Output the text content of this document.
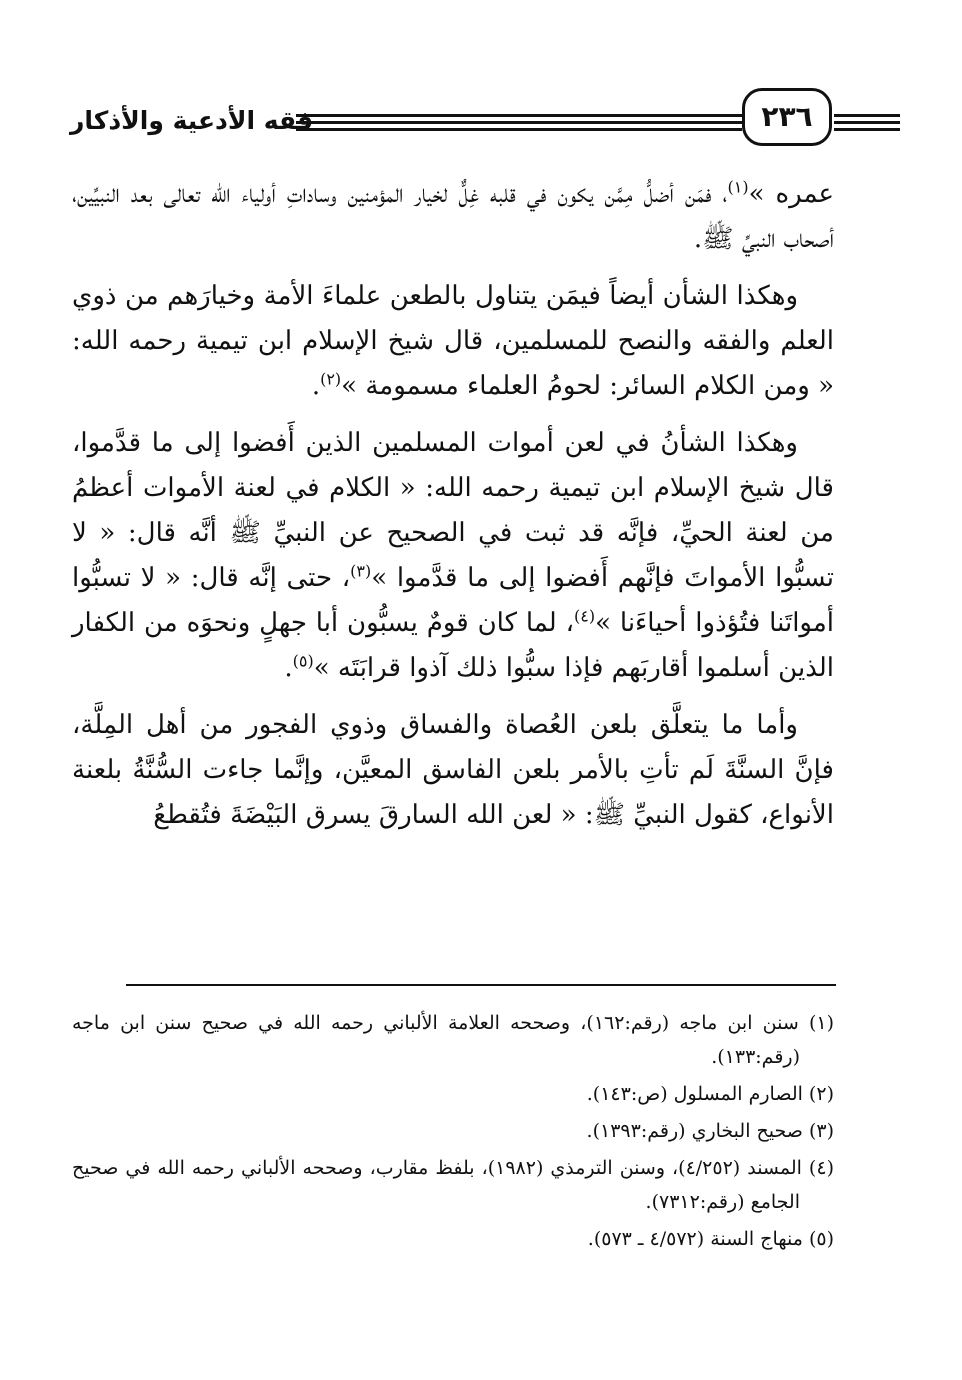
فقه الأدعية والأذكار	٢٣٦

عمره »$^{(١)}$، فمَن أضلُّ مِمَّن يكون في قلبه غِلٌّ لخيار المؤمنين وساداتِ أولياء الله تعالى بعد النبيِّين، أصحاب النبيِّ ﷺ.

وهكذا الشأن أيضاً فيمَن يتناول بالطعن علماءَ الأمة وخيارَهم من ذوي العلم والفقه والنصح للمسلمين، قال شيخ الإسلام ابن تيمية رحمه الله: « ومن الكلام السائر: لحومُ العلماء مسمومة »$^{(٢)}$.

وهكذا الشأنُ في لعن أموات المسلمين الذين أَفضوا إلى ما قدَّموا، قال شيخ الإسلام ابن تيمية رحمه الله: « الكلام في لعنة الأموات أعظمُ من لعنة الحيِّ، فإنَّه قد ثبت في الصحيح عن النبيِّ ﷺ أنَّه قال: « لا تسبُّوا الأمواتَ فإنَّهم أَفضوا إلى ما قدَّموا »$^{(٣)}$، حتى إنَّه قال: « لا تسبُّوا أمواتَنا فتُؤذوا أحياءَنا »$^{(٤)}$، لما كان قومٌ يسبُّون أبا جهلٍ ونحوَه من الكفار الذين أسلموا أقاربَهم فإذا سبُّوا ذلك آذوا قرابَتَه »$^{(٥)}$.

وأما ما يتعلَّق بلعن العُصاة والفساق وذوي الفجور من أهل المِلَّة، فإنَّ السنَّةَ لَم تأتِ بالأمر بلعن الفاسق المعيَّن، وإنَّما جاءت السُّنَّةُ بلعنة الأنواع، كقول النبيِّ ﷺ: « لعن الله السارقَ يسرق البَيْضَةَ فتُقطعُ

(١) سنن ابن ماجه (رقم:١٦٢)، وصححه العلامة الألباني رحمه الله في صحيح سنن ابن ماجه (رقم:١٣٣).

(٢) الصارم المسلول (ص:١٤٣).

(٣) صحيح البخاري (رقم:١٣٩٣).

(٤) المسند (٤/٢٥٢)، وسنن الترمذي (١٩٨٢)، بلفظ مقارب، وصححه الألباني رحمه الله في صحيح الجامع (رقم:٧٣١٢).

(٥) منهاج السنة (٤/٥٧٢ ـ ٥٧٣).
